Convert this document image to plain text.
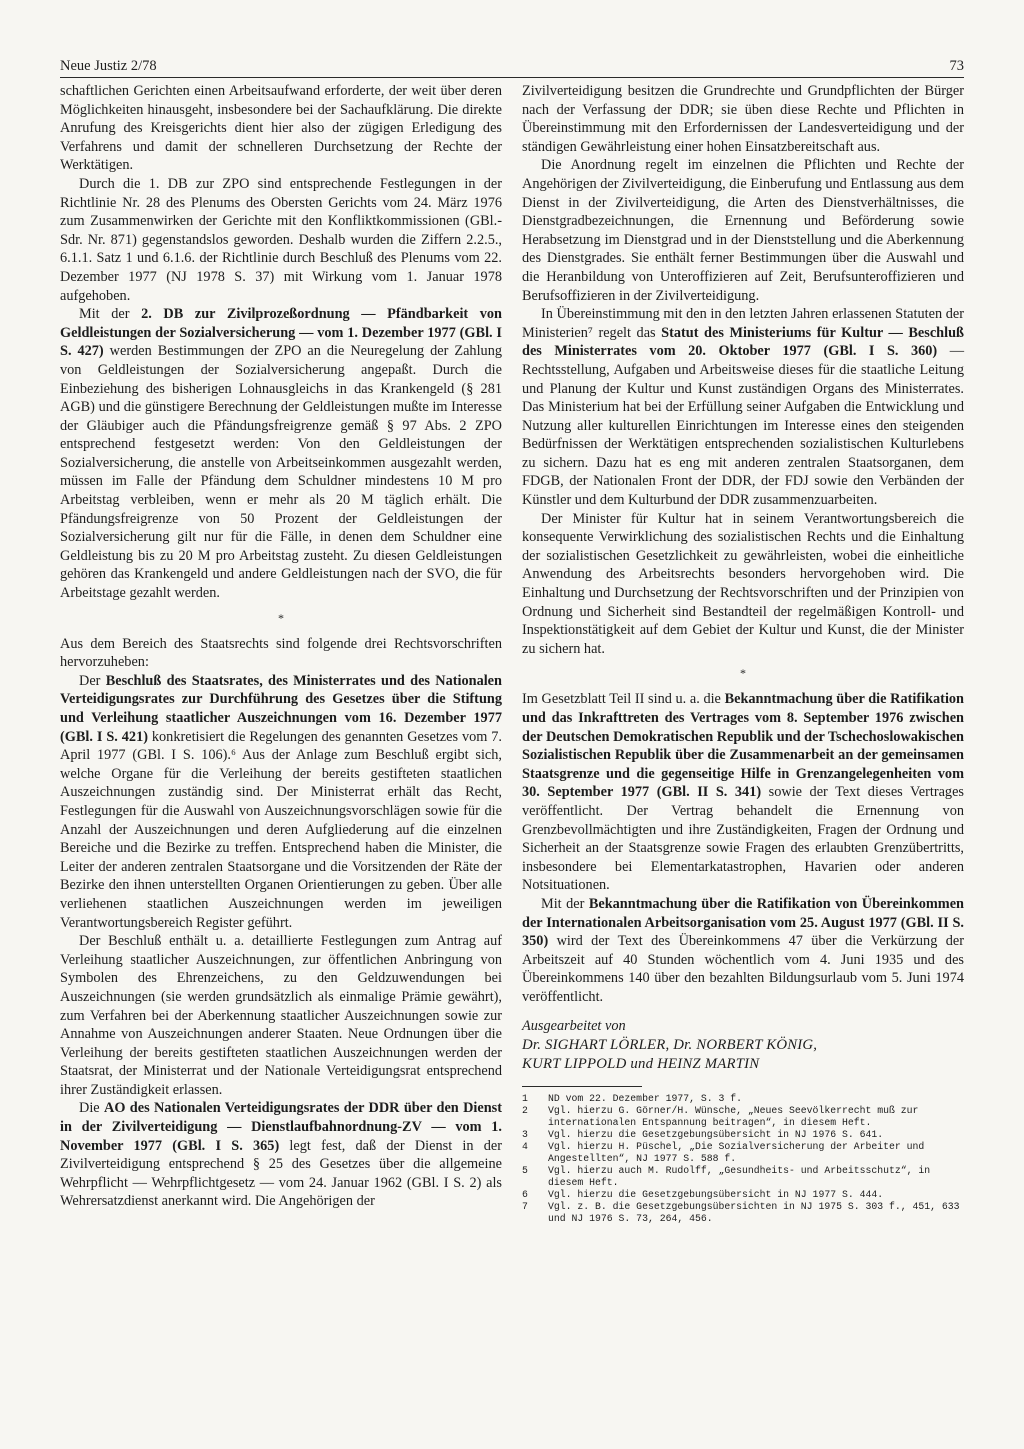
Neue Justiz 2/78	73

schaftlichen Gerichten einen Arbeitsaufwand erforderte, der weit über deren Möglichkeiten hinausgeht, insbesondere bei der Sachaufklärung. Die direkte Anrufung des Kreisgerichts dient hier also der zügigen Erledigung des Verfahrens und damit der schnelleren Durchsetzung der Rechte der Werktätigen.

Durch die 1. DB zur ZPO sind entsprechende Festlegungen in der Richtlinie Nr. 28 des Plenums des Obersten Gerichts vom 24. März 1976 zum Zusammenwirken der Gerichte mit den Konfliktkommissionen (GBl.-Sdr. Nr. 871) gegenstandslos geworden. Deshalb wurden die Ziffern 2.2.5., 6.1.1. Satz 1 und 6.1.6. der Richtlinie durch Beschluß des Plenums vom 22. Dezember 1977 (NJ 1978 S. 37) mit Wirkung vom 1. Januar 1978 aufgehoben.

Mit der 2. DB zur Zivilprozeßordnung — Pfändbarkeit von Geldleistungen der Sozialversicherung — vom 1. Dezember 1977 (GBl. I S. 427) werden Bestimmungen der ZPO an die Neuregelung der Zahlung von Geldleistungen der Sozialversicherung angepaßt. Durch die Einbeziehung des bisherigen Lohnausgleichs in das Krankengeld (§ 281 AGB) und die günstigere Berechnung der Geldleistungen mußte im Interesse der Gläubiger auch die Pfändungsfreigrenze gemäß § 97 Abs. 2 ZPO entsprechend festgesetzt werden: Von den Geldleistungen der Sozialversicherung, die anstelle von Arbeitseinkommen ausgezahlt werden, müssen im Falle der Pfändung dem Schuldner mindestens 10 M pro Arbeitstag verbleiben, wenn er mehr als 20 M täglich erhält. Die Pfändungsfreigrenze von 50 Prozent der Geldleistungen der Sozialversicherung gilt nur für die Fälle, in denen dem Schuldner eine Geldleistung bis zu 20 M pro Arbeitstag zusteht. Zu diesen Geldleistungen gehören das Krankengeld und andere Geldleistungen nach der SVO, die für Arbeitstage gezahlt werden.

*

Aus dem Bereich des Staatsrechts sind folgende drei Rechtsvorschriften hervorzuheben:

Der Beschluß des Staatsrates, des Ministerrates und des Nationalen Verteidigungsrates zur Durchführung des Gesetzes über die Stiftung und Verleihung staatlicher Auszeichnungen vom 16. Dezember 1977 (GBl. I S. 421) konkretisiert die Regelungen des genannten Gesetzes vom 7. April 1977 (GBl. I S. 106).⁶ Aus der Anlage zum Beschluß ergibt sich, welche Organe für die Verleihung der bereits gestifteten staatlichen Auszeichnungen zuständig sind. Der Ministerrat erhält das Recht, Festlegungen für die Auswahl von Auszeichnungsvorschlägen sowie für die Anzahl der Auszeichnungen und deren Aufgliederung auf die einzelnen Bereiche und die Bezirke zu treffen. Entsprechend haben die Minister, die Leiter der anderen zentralen Staatsorgane und die Vorsitzenden der Räte der Bezirke den ihnen unterstellten Organen Orientierungen zu geben. Über alle verliehenen staatlichen Auszeichnungen werden im jeweiligen Verantwortungsbereich Register geführt.

Der Beschluß enthält u. a. detaillierte Festlegungen zum Antrag auf Verleihung staatlicher Auszeichnungen, zur öffentlichen Anbringung von Symbolen des Ehrenzeichens, zu den Geldzuwendungen bei Auszeichnungen (sie werden grundsätzlich als einmalige Prämie gewährt), zum Verfahren bei der Aberkennung staatlicher Auszeichnungen sowie zur Annahme von Auszeichnungen anderer Staaten. Neue Ordnungen über die Verleihung der bereits gestifteten staatlichen Auszeichnungen werden der Staatsrat, der Ministerrat und der Nationale Verteidigungsrat entsprechend ihrer Zuständigkeit erlassen.

Die AO des Nationalen Verteidigungsrates der DDR über den Dienst in der Zivilverteidigung — Dienstlaufbahnordnung-ZV — vom 1. November 1977 (GBl. I S. 365) legt fest, daß der Dienst in der Zivilverteidigung entsprechend § 25 des Gesetzes über die allgemeine Wehrpflicht — Wehrpflichtgesetz — vom 24. Januar 1962 (GBl. I S. 2) als Wehrersatzdienst anerkannt wird. Die Angehörigen der

Zivilverteidigung besitzen die Grundrechte und Grundpflichten der Bürger nach der Verfassung der DDR; sie üben diese Rechte und Pflichten in Übereinstimmung mit den Erfordernissen der Landesverteidigung und der ständigen Gewährleistung einer hohen Einsatzbereitschaft aus.

Die Anordnung regelt im einzelnen die Pflichten und Rechte der Angehörigen der Zivilverteidigung, die Einberufung und Entlassung aus dem Dienst in der Zivilverteidigung, die Arten des Dienstverhältnisses, die Dienstgradbezeichnungen, die Ernennung und Beförderung sowie Herabsetzung im Dienstgrad und in der Dienststellung und die Aberkennung des Dienstgrades. Sie enthält ferner Bestimmungen über die Auswahl und die Heranbildung von Unteroffizieren auf Zeit, Berufsunteroffizieren und Berufsoffizieren in der Zivilverteidigung.

In Übereinstimmung mit den in den letzten Jahren erlassenen Statuten der Ministerien⁷ regelt das Statut des Ministeriums für Kultur — Beschluß des Ministerrates vom 20. Oktober 1977 (GBl. I S. 360) — Rechtsstellung, Aufgaben und Arbeitsweise dieses für die staatliche Leitung und Planung der Kultur und Kunst zuständigen Organs des Ministerrates. Das Ministerium hat bei der Erfüllung seiner Aufgaben die Entwicklung und Nutzung aller kulturellen Einrichtungen im Interesse eines den steigenden Bedürfnissen der Werktätigen entsprechenden sozialistischen Kulturlebens zu sichern. Dazu hat es eng mit anderen zentralen Staatsorganen, dem FDGB, der Nationalen Front der DDR, der FDJ sowie den Verbänden der Künstler und dem Kulturbund der DDR zusammenzuarbeiten.

Der Minister für Kultur hat in seinem Verantwortungsbereich die konsequente Verwirklichung des sozialistischen Rechts und die Einhaltung der sozialistischen Gesetzlichkeit zu gewährleisten, wobei die einheitliche Anwendung des Arbeitsrechts besonders hervorgehoben wird. Die Einhaltung und Durchsetzung der Rechtsvorschriften und der Prinzipien von Ordnung und Sicherheit sind Bestandteil der regelmäßigen Kontroll- und Inspektionstätigkeit auf dem Gebiet der Kultur und Kunst, die der Minister zu sichern hat.

*

Im Gesetzblatt Teil II sind u. a. die Bekanntmachung über die Ratifikation und das Inkrafttreten des Vertrages vom 8. September 1976 zwischen der Deutschen Demokratischen Republik und der Tschechoslowakischen Sozialistischen Republik über die Zusammenarbeit an der gemeinsamen Staatsgrenze und die gegenseitige Hilfe in Grenzangelegenheiten vom 30. September 1977 (GBl. II S. 341) sowie der Text dieses Vertrages veröffentlicht. Der Vertrag behandelt die Ernennung von Grenzbevollmächtigten und ihre Zuständigkeiten, Fragen der Ordnung und Sicherheit an der Staatsgrenze sowie Fragen des erlaubten Grenzübertritts, insbesondere bei Elementarkatastrophen, Havarien oder anderen Notsituationen.

Mit der Bekanntmachung über die Ratifikation von Übereinkommen der Internationalen Arbeitsorganisation vom 25. August 1977 (GBl. II S. 350) wird der Text des Übereinkommens 47 über die Verkürzung der Arbeitszeit auf 40 Stunden wöchentlich vom 4. Juni 1935 und des Übereinkommens 140 über den bezahlten Bildungsurlaub vom 5. Juni 1974 veröffentlicht.

Ausgearbeitet von
Dr. SIGHART LÖRLER, Dr. NORBERT KÖNIG,
KURT LIPPOLD und HEINZ MARTIN
1	ND vom 22. Dezember 1977, S. 3 f.
2	Vgl. hierzu G. Görner/H. Wünsche, „Neues Seevölkerrecht muß zur internationalen Entspannung beitragen“, in diesem Heft.
3	Vgl. hierzu die Gesetzgebungsübersicht in NJ 1976 S. 641.
4	Vgl. hierzu H. Püschel, „Die Sozialversicherung der Arbeiter und Angestellten“, NJ 1977 S. 588 f.
5	Vgl. hierzu auch M. Rudolff, „Gesundheits- und Arbeitsschutz“, in diesem Heft.
6	Vgl. hierzu die Gesetzgebungsübersicht in NJ 1977 S. 444.
7	Vgl. z. B. die Gesetzgebungsübersichten in NJ 1975 S. 303 f., 451, 633 und NJ 1976 S. 73, 264, 456.
